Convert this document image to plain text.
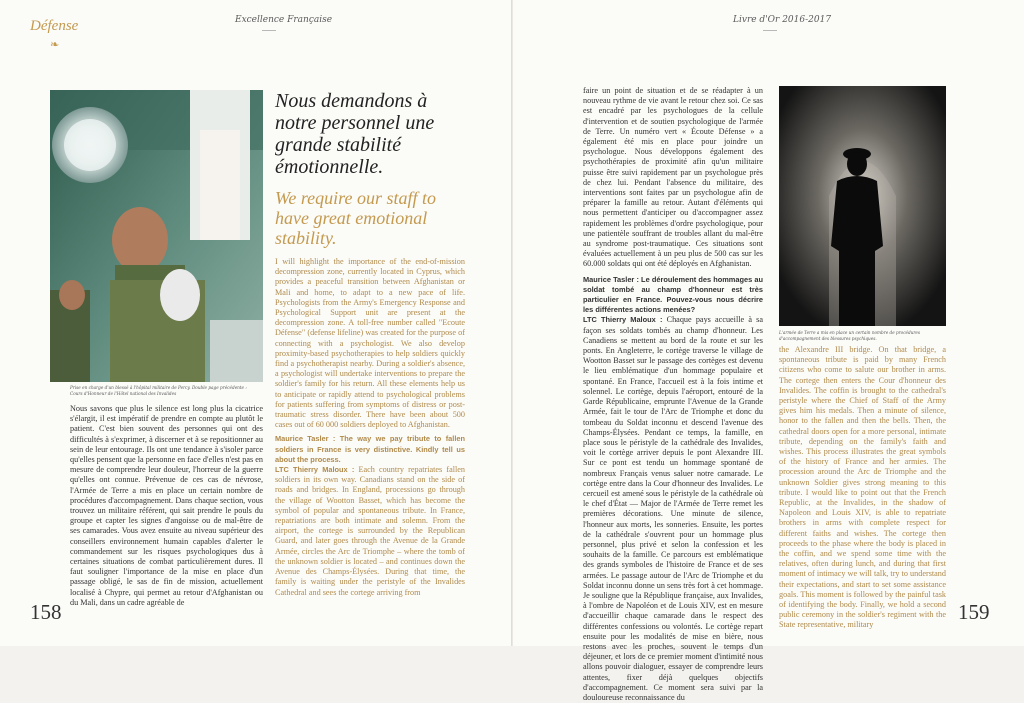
Défense
❧
Excellence Française
Prise en charge d'un blessé à l'hôpital militaire de Percy. Double page précédente : Cours d'Honneur de l'Hôtel national des Invalides
Nous demandons à notre personnel une grande stabilité émotionnelle.
We require our staff to have great emotional stability.

Nous savons que plus le silence est long plus la cicatrice s'élargit, il est impératif de prendre en compte au plutôt le patient. C'est bien souvent des personnes qui ont des difficultés à s'exprimer, à discerner et à se repositionner au sein de leur entourage. Ils ont une tendance à s'isoler parce qu'elles pensent que la personne en face d'elles n'est pas en mesure de comprendre leur douleur, l'horreur de la guerre qu'elles ont connue. Prévenue de ces cas de névrose, l'Armée de Terre a mis en place un certain nombre de procédures d'accompagnement. Dans chaque section, vous trouvez un militaire référent, qui sait prendre le pouls du groupe et capter les signes d'angoisse ou de mal-être de ses camarades. Vous avez ensuite au niveau supérieur des conseillers environnement humain capables d'alerter le commandement sur les risques psychologiques dus à certaines situations de combat particulièrement dures. Il faut souligner l'importance de la mise en place d'un passage obligé, le sas de fin de mission, actuellement localisé à Chypre, qui permet au retour d'Afghanistan ou du Mali, dans un cadre agréable de

I will highlight the importance of the end-of-mission decompression zone, currently located in Cyprus, which provides a peaceful transition between Afghanistan or Mali and home, to adapt to a new pace of life. Psychologists from the Army's Emergency Response and Psychological Support unit are present at the decompression zone. A toll-free number called "Ecoute Défense" (defense lifeline) was created for the purpose of connecting with a psychologist. We also develop proximity-based psychotherapies to help soldiers quickly find a psychotherapist nearby. During a soldier's absence, a psychologist will undertake interventions to prepare the soldier's family for his return. All these elements help us to anticipate or rapidly attend to psychological problems for patients suffering from symptoms of distress or post-traumatic stress disorder. There have been about 500 cases out of 60 000 soldiers deployed to Afghanistan.

Maurice Tasler : The way we pay tribute to fallen soldiers in France is very distinctive. Kindly tell us about the process.

LTC Thierry Maloux : Each country repatriates fallen soldiers in its own way. Canadians stand on the side of roads and bridges. In England, processions go through the village of Wootton Basset, which has become the symbol of popular and spontaneous tribute. In France, repatriations are both intimate and solemn. From the airport, the cortege is surrounded by the Republican Guard, and later goes through the Avenue de la Grande Armée, circles the Arc de Triomphe – where the tomb of the unknown soldier is located – and continues down the Avenue des Champs-Élysées. During that time, the family is waiting under the peristyle of the Invalides Cathedral and sees the cortege arriving from

158
Livre d'Or 2016-2017

faire un point de situation et de se réadapter à un nouveau rythme de vie avant le retour chez soi. Ce sas est encadré par les psychologues de la cellule d'intervention et de soutien psychologique de l'armée de Terre. Un numéro vert « Écoute Défense » a également été mis en place pour joindre un psychologue. Nous développons également des psychothérapies de proximité afin qu'un militaire puisse être suivi rapidement par un psychologue près de chez lui. Pendant l'absence du militaire, des interventions sont faites par un psychologue afin de préparer la famille au retour. Autant d'éléments qui nous permettent d'anticiper ou d'accompagner assez rapidement les problèmes d'ordre psychologique, pour une patientèle souffrant de troubles allant du mal-être au syndrome post-traumatique. Ces situations sont évaluées actuellement à un peu plus de 500 cas sur les 60.000 soldats qui ont été déployés en Afghanistan.

Maurice Tasler : Le déroulement des hommages au soldat tombé au champ d'honneur est très particulier en France. Pouvez-vous nous décrire les différentes actions menées?

LTC Thierry Maloux : Chaque pays accueille à sa façon ses soldats tombés au champ d'honneur. Les Canadiens se mettent au bord de la route et sur les ponts. En Angleterre, le cortège traverse le village de Wootton Basset sur le passage des cortèges est devenu le lieu emblématique d'un hommage populaire et spontané. En France, l'accueil est à la fois intime et solennel. Le cortège, depuis l'aéroport, entouré de la Garde Républicaine, emprunte l'Avenue de la Grande Armée, fait le tour de l'Arc de Triomphe et donc du tombeau du Soldat inconnu et descend l'avenue des Champs-Élysées. Pendant ce temps, la famille, en place sous le péristyle de la cathédrale des Invalides, voit le cortège arriver depuis le pont Alexandre III. Sur ce pont est tendu un hommage spontané de nombreux Français venus saluer notre camarade. Le cortège entre dans la Cour d'honneur des Invalides. Le cercueil est amené sous le péristyle de la cathédrale où le chef d'État — Major de l'Armée de Terre remet les premières décorations. Une minute de silence, l'honneur aux morts, les sonneries. Ensuite, les portes de la cathédrale s'ouvrent pour un hommage plus personnel, plus privé et selon la confession et les souhaits de la famille. Ce parcours est emblématique des grands symboles de l'histoire de France et de ses armées. Le passage autour de l'Arc de Triomphe et du Soldat inconnu donne un sens très fort à cet hommage. Je souligne que la République française, aux Invalides, à l'ombre de Napoléon et de Louis XIV, est en mesure d'accueillir chaque camarade dans le respect des différentes confessions ou volontés. Le cortège repart ensuite pour les modalités de mise en bière, nous restons avec les proches, souvent le temps d'un déjeuner, et lors de ce premier moment d'intimité nous allons pouvoir dialoguer, essayer de comprendre leurs attentes, fixer déjà quelques objectifs d'accompagnement. Ce moment sera suivi par la douloureuse reconnaissance du

L'armée de Terre a mis en place un certain nombre de procédures d'accompagnement des blessures psychiques.

the Alexandre III bridge. On that bridge, a spontaneous tribute is paid by many French citizens who come to salute our brother in arms. The cortege then enters the Cour d'honneur des Invalides. The coffin is brought to the cathedral's peristyle where the Chief of Staff of the Army gives him his medals. Then a minute of silence, honor to the fallen and then the bells. Then, the cathedral doors open for a more personal, intimate tribute, depending on the family's faith and wishes. This process illustrates the great symbols of the history of France and her armies. The procession around the Arc de Triomphe and the unknown Soldier gives strong meaning to this tribute. I would like to point out that the French Republic, at the Invalides, in the shadow of Napoleon and Louis XIV, is able to repatriate brothers in arms with complete respect for different faiths and wishes. The cortege then proceeds to the phase where the body is placed in the coffin, and we spend some time with the relatives, often during lunch, and during that first moment of intimacy we will talk, try to understand their expectations, and start to set some assistance goals. This moment is followed by the painful task of identifying the body. Finally, we hold a second public ceremony in the soldier's regiment with the State representative, military

159
